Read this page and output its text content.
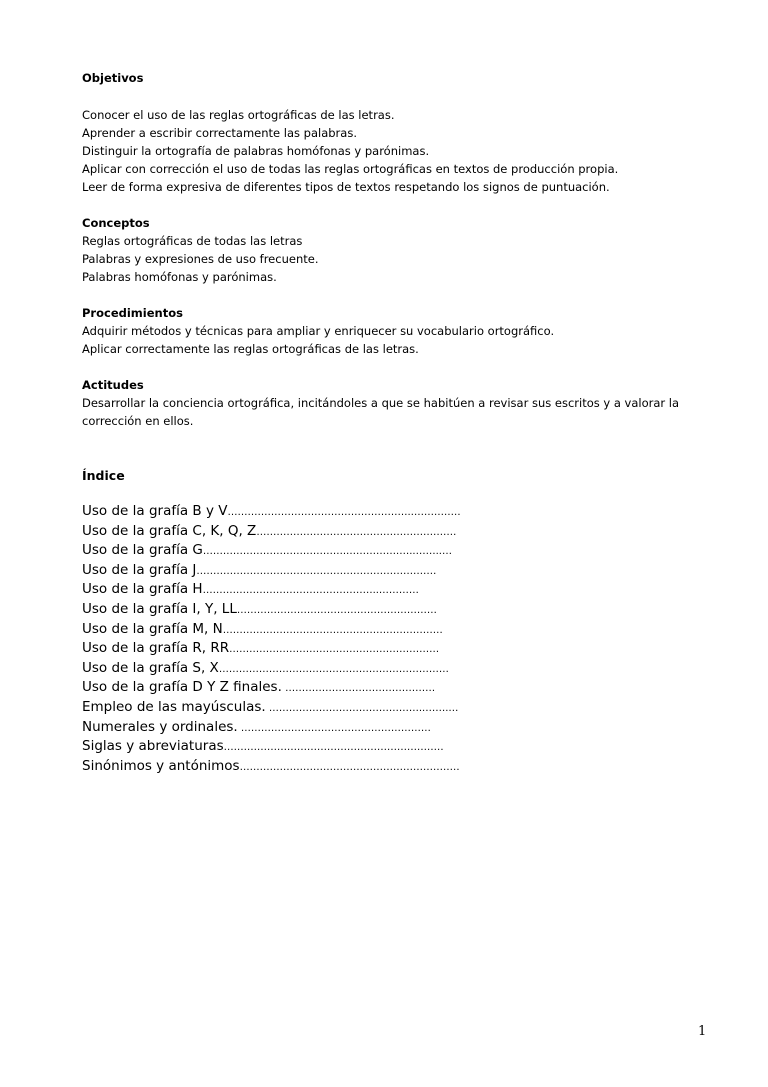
Objetivos
Conocer el uso de las reglas ortográficas de las letras.
Aprender a escribir correctamente las palabras.
Distinguir la ortografía de palabras homófonas y parónimas.
Aplicar con corrección el uso de todas las reglas ortográficas en textos de producción propia.
Leer de forma expresiva de diferentes tipos de textos respetando los signos de puntuación.
Conceptos
Reglas ortográficas de todas las letras
Palabras y expresiones de uso frecuente.
Palabras homófonas y parónimas.
Procedimientos
Adquirir métodos y técnicas para ampliar y enriquecer su vocabulario ortográfico.
Aplicar correctamente las reglas ortográficas de las letras.
Actitudes
Desarrollar la conciencia ortográfica, incitándoles a que se habitúen a revisar sus escritos y a valorar la corrección en ellos.
Índice
Uso de la grafía B y V……………………………………………….……………
Uso de la grafía C, K, Q, Z……………………………………………………
Uso de la grafía G…………………………………….…………….…..……..…
Uso de la grafía J………………………………………………………………
Uso de la grafía H……………………………………………..…………
Uso de la grafía I, Y, LL……………………………………………………
Uso de la grafía M, N…………………………………………………………
Uso de la grafía R, RR………………………………………………………
Uso de la grafía S, X……………………………………………………………
Uso de la grafía D Y Z finales. ………………………………………
Empleo de las mayúsculas. ………………………………………..…….…
Numerales y ordinales. …………………………………………………
Siglas y abreviaturas…………………………………………………………
Sinónimos y antónimos…………………………………………………………
1
